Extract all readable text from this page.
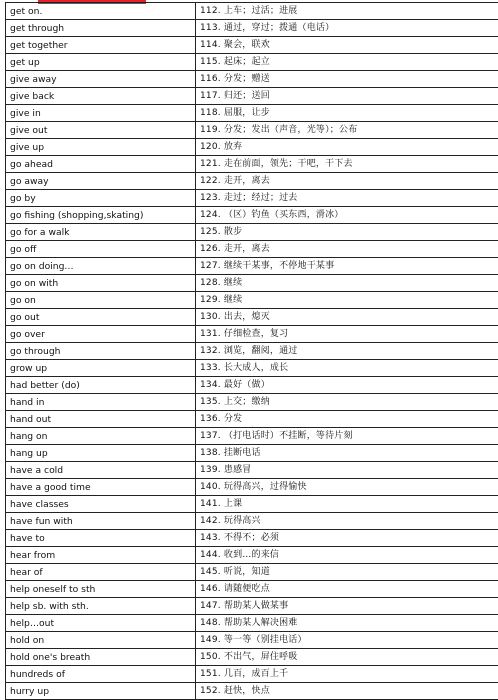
get on.	112. 上车；过活；进展
get through	113. 通过，穿过；拨通（电话）
get together	114. 聚会，联欢
get up	115. 起床；起立
give away	116. 分发；赠送
give back	117. 归还；送回
give in	118. 屈服，让步
give out	119. 分发；发出（声音，光等）；公布
give up	120. 放弃
go ahead	121. 走在前面，领先；干吧，干下去
go away	122. 走开，离去
go by	123. 走过；经过；过去
go fishing (shopping,skating)	124. （区）钓鱼（买东西，滑冰）
go for a walk	125. 散步
go off	126. 走开，离去
go on doing…	127. 继续干某事，不停地干某事
go on with	128. 继续
go on	129. 继续
go out	130. 出去，熄灭
go over	131. 仔细检查，复习
go through	132. 浏览，翻阅，通过
grow up	133. 长大成人，成长
had better (do)	134. 最好（做）
hand in	135. 上交；缴纳
hand out	136. 分发
hang on	137. （打电话时）不挂断，等待片刻
hang up	138. 挂断电话
have a cold	139. 患感冒
have a good time	140. 玩得高兴，过得愉快
have classes	141. 上课
have fun with	142. 玩得高兴
have to	143. 不得不；必须
hear from	144. 收到…的来信
hear of	145. 听说，知道
help oneself to sth	146. 请随便吃点
help sb. with sth.	147. 帮助某人做某事
help…out	148. 帮助某人解决困难
hold on	149. 等一等（别挂电话）
hold one's breath	150. 不出气，屏住呼吸
hundreds of	151. 几百，成百上千
hurry up	152. 赶快，快点
